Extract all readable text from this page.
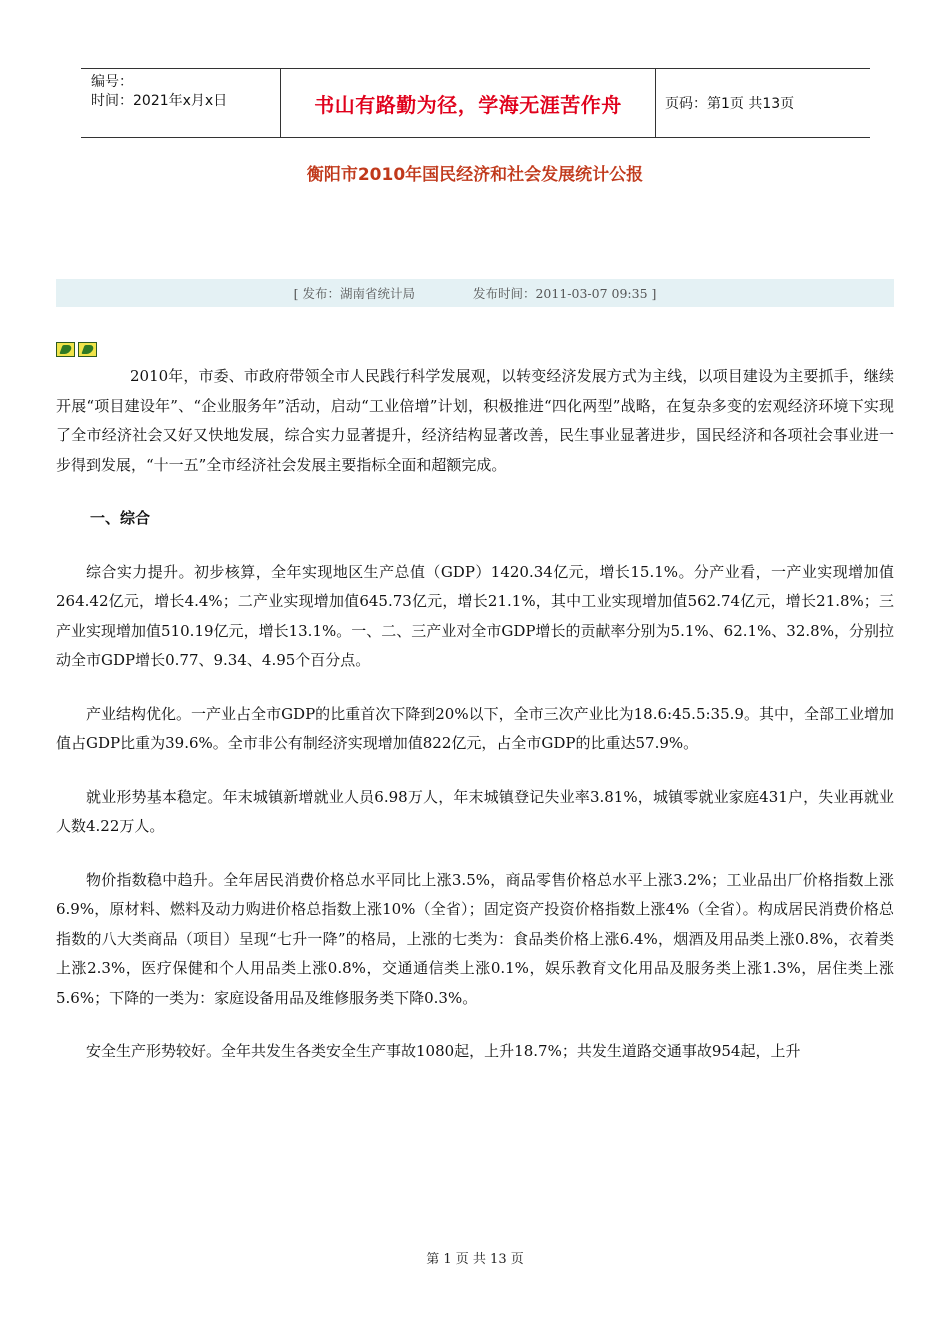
编号：
时间：2021年x月x日	书山有路勤为径，学海无涯苦作舟	页码：第1页 共13页
衡阳市2010年国民经济和社会发展统计公报
[ 发布：湖南省统计局	发布时间：2011-03-07 09:35 ]

2010年，市委、市政府带领全市人民践行科学发展观，以转变经济发展方式为主线，以项目建设为主要抓手，继续开展“项目建设年”、“企业服务年”活动，启动“工业倍增”计划，积极推进“四化两型”战略，在复杂多变的宏观经济环境下实现了全市经济社会又好又快地发展，综合实力显著提升，经济结构显著改善，民生事业显著进步，国民经济和各项社会事业进一步得到发展，“十一五”全市经济社会发展主要指标全面和超额完成。

一、综合

综合实力提升。初步核算，全年实现地区生产总值（GDP）1420.34亿元，增长15.1%。分产业看，一产业实现增加值264.42亿元，增长4.4%；二产业实现增加值645.73亿元，增长21.1%，其中工业实现增加值562.74亿元，增长21.8%；三产业实现增加值510.19亿元，增长13.1%。一、二、三产业对全市GDP增长的贡献率分别为5.1%、62.1%、32.8%，分别拉动全市GDP增长0.77、9.34、4.95个百分点。

产业结构优化。一产业占全市GDP的比重首次下降到20%以下，全市三次产业比为18.6:45.5:35.9。其中，全部工业增加值占GDP比重为39.6%。全市非公有制经济实现增加值822亿元，占全市GDP的比重达57.9%。

就业形势基本稳定。年末城镇新增就业人员6.98万人，年末城镇登记失业率3.81%，城镇零就业家庭431户，失业再就业人数4.22万人。

物价指数稳中趋升。全年居民消费价格总水平同比上涨3.5%，商品零售价格总水平上涨3.2%；工业品出厂价格指数上涨6.9%，原材料、燃料及动力购进价格总指数上涨10%（全省）；固定资产投资价格指数上涨4%（全省）。构成居民消费价格总指数的八大类商品（项目）呈现“七升一降”的格局，上涨的七类为：食品类价格上涨6.4%，烟酒及用品类上涨0.8%，衣着类上涨2.3%，医疗保健和个人用品类上涨0.8%，交通通信类上涨0.1%，娱乐教育文化用品及服务类上涨1.3%，居住类上涨5.6%；下降的一类为：家庭设备用品及维修服务类下降0.3%。

安全生产形势较好。全年共发生各类安全生产事故1080起，上升18.7%；共发生道路交通事故954起，上升

第 1 页 共 13 页
